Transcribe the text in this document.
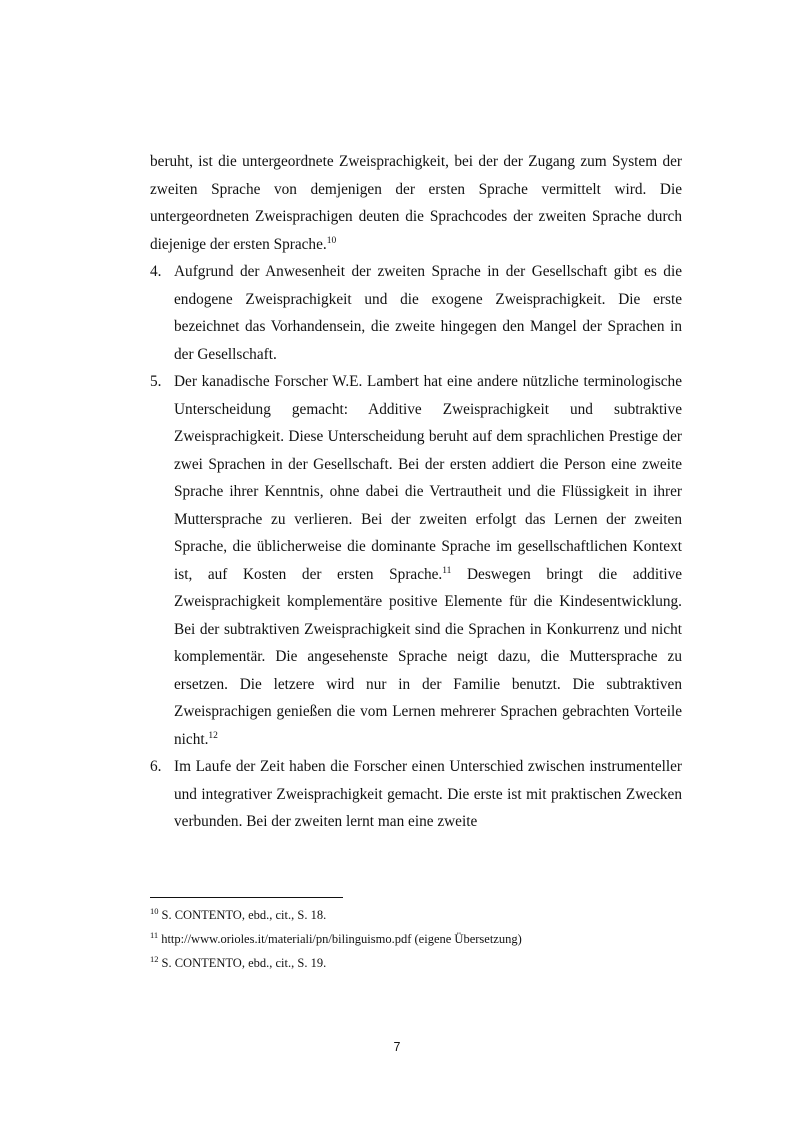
beruht, ist die untergeordnete Zweisprachigkeit, bei der der Zugang zum System der zweiten Sprache von demjenigen der ersten Sprache vermittelt wird. Die untergeordneten Zweisprachigen deuten die Sprachcodes der zweiten Sprache durch diejenige der ersten Sprache.$^{10}$

4. Aufgrund der Anwesenheit der zweiten Sprache in der Gesellschaft gibt es die endogene Zweisprachigkeit und die exogene Zweisprachigkeit. Die erste bezeichnet das Vorhandensein, die zweite hingegen den Mangel der Sprachen in der Gesellschaft.
5. Der kanadische Forscher W.E. Lambert hat eine andere nützliche terminologische Unterscheidung gemacht: Additive Zweisprachigkeit und subtraktive Zweisprachigkeit. Diese Unterscheidung beruht auf dem sprachlichen Prestige der zwei Sprachen in der Gesellschaft. Bei der ersten addiert die Person eine zweite Sprache ihrer Kenntnis, ohne dabei die Vertrautheit und die Flüssigkeit in ihrer Muttersprache zu verlieren. Bei der zweiten erfolgt das Lernen der zweiten Sprache, die üblicherweise die dominante Sprache im gesellschaftlichen Kontext ist, auf Kosten der ersten Sprache.$^{11}$ Deswegen bringt die additive Zweisprachigkeit komplementäre positive Elemente für die Kindesentwicklung. Bei der subtraktiven Zweisprachigkeit sind die Sprachen in Konkurrenz und nicht komplementär. Die angesehenste Sprache neigt dazu, die Muttersprache zu ersetzen. Die letzere wird nur in der Familie benutzt. Die subtraktiven Zweisprachigen genießen die vom Lernen mehrerer Sprachen gebrachten Vorteile nicht.$^{12}$
6. Im Laufe der Zeit haben die Forscher einen Unterschied zwischen instrumenteller und integrativer Zweisprachigkeit gemacht. Die erste ist mit praktischen Zwecken verbunden. Bei der zweiten lernt man eine zweite
$^{10}$ S. CONTENTO, ebd., cit., S. 18.
$^{11}$ http://www.orioles.it/materiali/pn/bilinguismo.pdf (eigene Übersetzung)
$^{12}$ S. CONTENTO, ebd., cit., S. 19.
7
